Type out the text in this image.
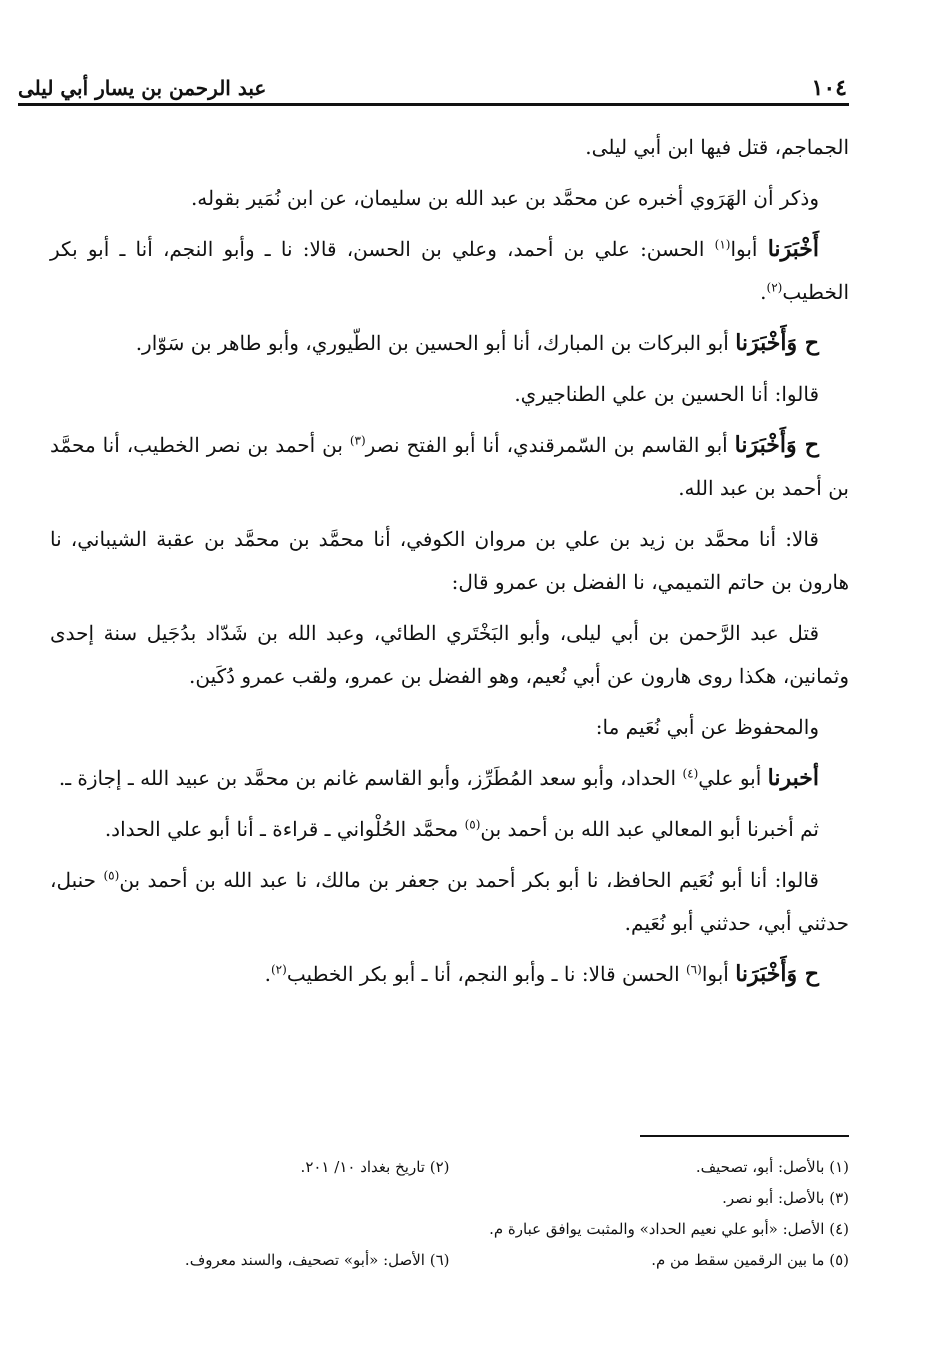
١٠٤
عبد الرحمن بن يسار أبي ليلى

الجماجم، قتل فيها ابن أبي ليلى.

وذكر أن الهَرَوي أخبره عن محمَّد بن عبد الله بن سليمان، عن ابن نُمَير بقوله.

أَخْبَرَنا أبوا$^{(١)}$ الحسن: علي بن أحمد، وعلي بن الحسن، قالا: نا ـ وأبو النجم، أنا ـ أبو بكر الخطيب$^{(٢)}$.

ح وَأَخْبَرَنا أبو البركات بن المبارك، أنا أبو الحسين بن الطّيوري، وأبو طاهر بن سَوّار.

قالوا: أنا الحسين بن علي الطناجيري.

ح وَأَخْبَرَنا أبو القاسم بن السّمرقندي، أنا أبو الفتح نصر$^{(٣)}$ بن أحمد بن نصر الخطيب، أنا محمَّد بن أحمد بن عبد الله.

قالا: أنا محمَّد بن زيد بن علي بن مروان الكوفي، أنا محمَّد بن محمَّد بن عقبة الشيباني، نا هارون بن حاتم التميمي، نا الفضل بن عمرو قال:

قتل عبد الرَّحمن بن أبي ليلى، وأبو البَخْتَري الطائي، وعبد الله بن شَدّاد بدُجَيل سنة إحدى وثمانين، هكذا روى هارون عن أبي نُعيم، وهو الفضل بن عمرو، ولقب عمرو دُكَين.

والمحفوظ عن أبي نُعَيم ما:

أخبرنا أبو علي$^{(٤)}$ الحداد، وأبو سعد المُطَرِّز، وأبو القاسم غانم بن محمَّد بن عبيد الله ـ إجازة ـ.

ثم أخبرنا أبو المعالي عبد الله بن أحمد بن$^{(٥)}$ محمَّد الحُلْواني ـ قراءة ـ أنا أبو علي الحداد.

قالوا: أنا أبو نُعَيم الحافظ، نا أبو بكر أحمد بن جعفر بن مالك، نا عبد الله بن أحمد بن$^{(٥)}$ حنبل، حدثني أبي، حدثني أبو نُعَيم.

ح وَأَخْبَرَنا أبوا$^{(٦)}$ الحسن قالا: نا ـ وأبو النجم، أنا ـ أبو بكر الخطيب$^{(٢)}$.

(١) بالأصل: أبو، تصحيف.
(٢) تاريخ بغداد ١٠/ ٢٠١.
(٣) بالأصل: أبو نصر.
(٤) الأصل: «أبو علي نعيم الحداد» والمثبت يوافق عبارة م.
(٥) ما بين الرقمين سقط من م.
(٦) الأصل: «أبو» تصحيف، والسند معروف.
